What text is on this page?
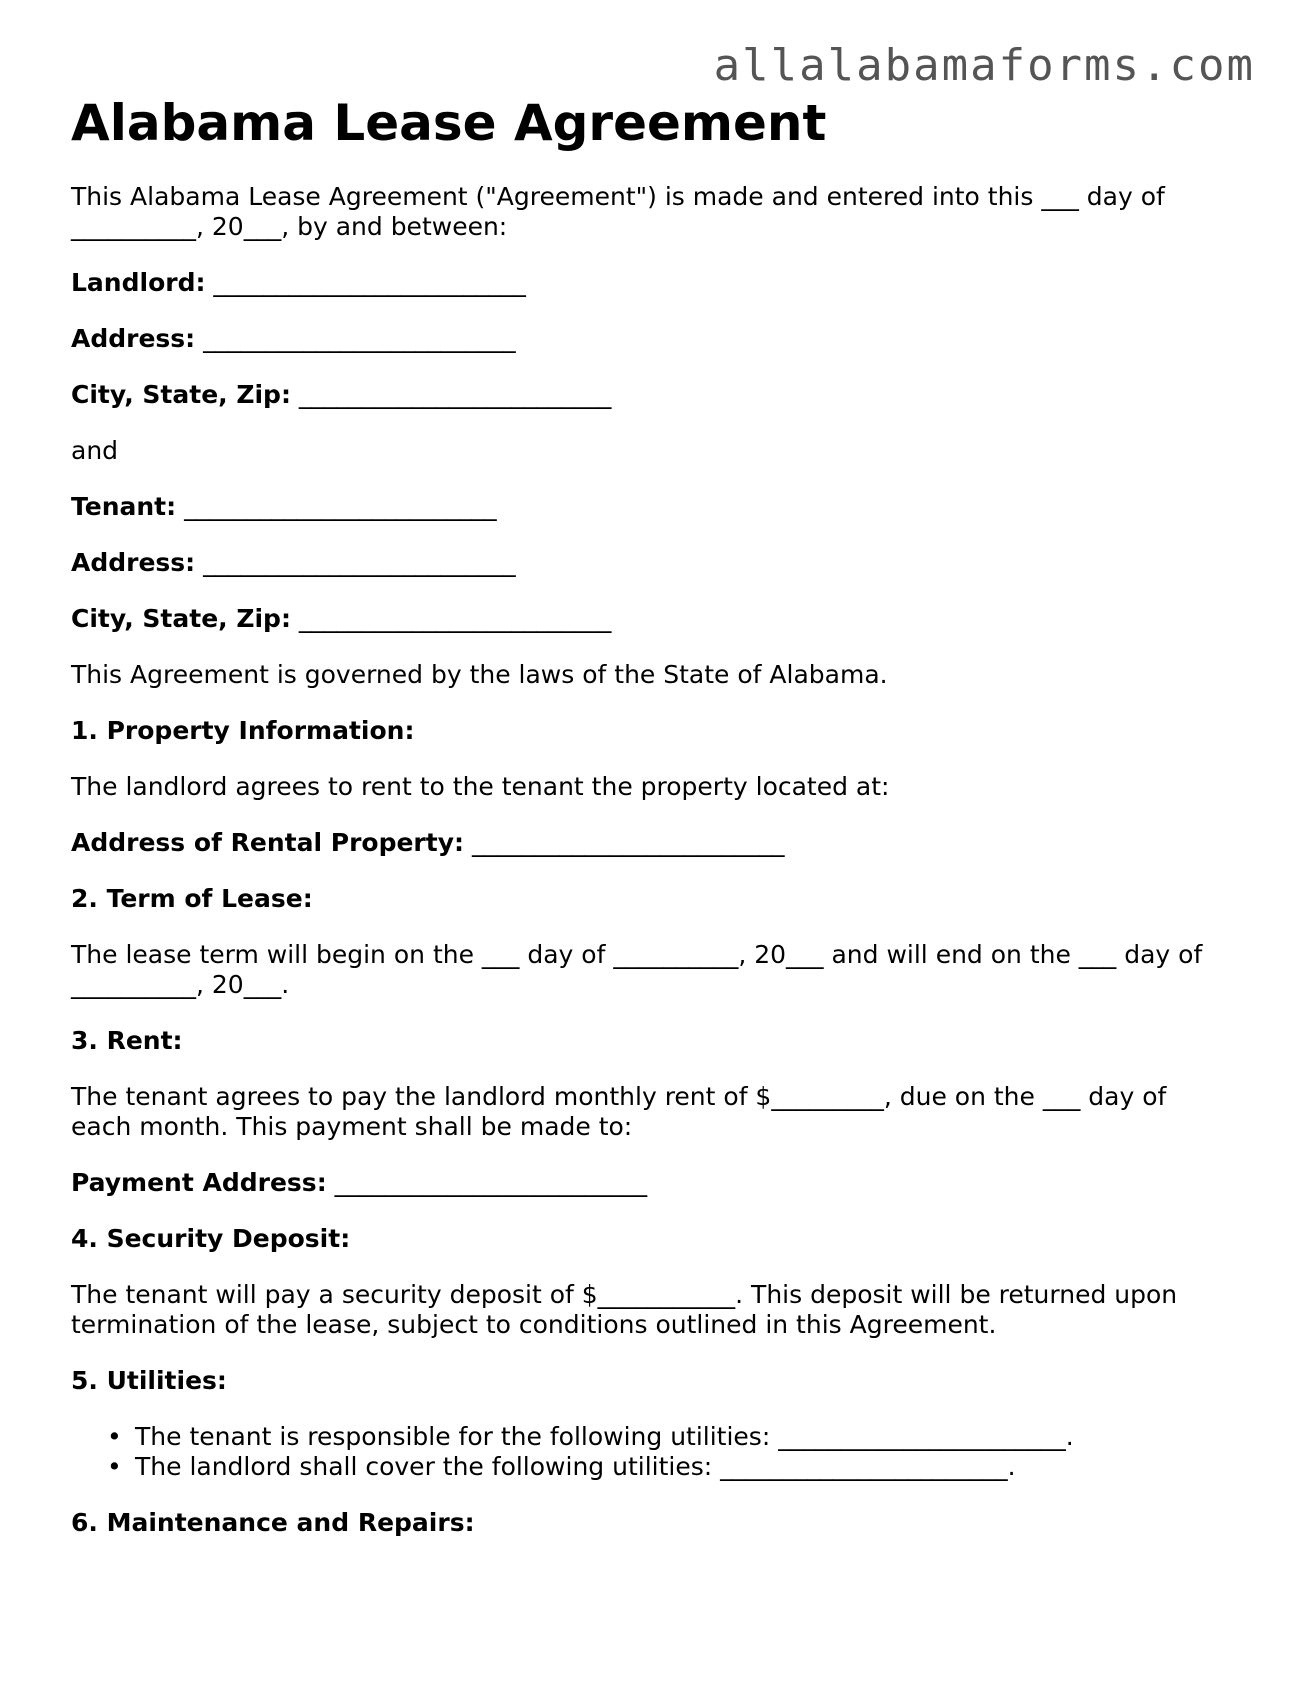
allalabamaforms.com
Alabama Lease Agreement

This Alabama Lease Agreement ("Agreement") is made and entered into this ___ day of __________, 20___, by and between:

Landlord: _________________________

Address: _________________________

City, State, Zip: _________________________

and

Tenant: _________________________

Address: _________________________

City, State, Zip: _________________________

This Agreement is governed by the laws of the State of Alabama.

1. Property Information:

The landlord agrees to rent to the tenant the property located at:

Address of Rental Property: _________________________

2. Term of Lease:

The lease term will begin on the ___ day of __________, 20___ and will end on the ___ day of __________, 20___.

3. Rent:

The tenant agrees to pay the landlord monthly rent of $_________, due on the ___ day of each month. This payment shall be made to:

Payment Address: _________________________

4. Security Deposit:

The tenant will pay a security deposit of $___________. This deposit will be returned upon termination of the lease, subject to conditions outlined in this Agreement.

5. Utilities:

• The tenant is responsible for the following utilities: _______________________.
• The landlord shall cover the following utilities: _______________________.

6. Maintenance and Repairs:
